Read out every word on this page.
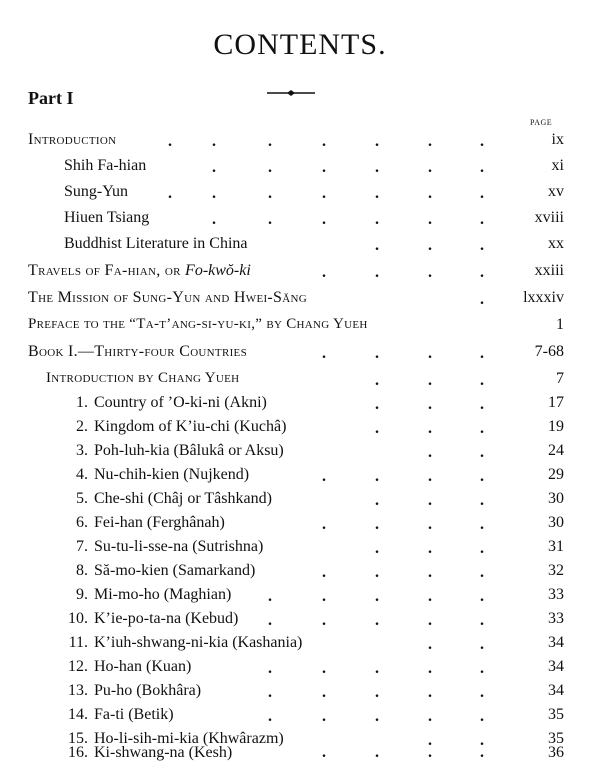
CONTENTS.
Part I
PAGE
Introduction	.	.	.	.	.	.	.	ix
Shih Fa-hian	.	.	.	.	.	.	xi
Sung-Yun .	.	.	.	.	.	.	xv
Hiuen Tsiang	.	.	.	.	.	.	xviii
Buddhist Literature in China	.	.	.	xx
Travels of Fa-hian, or Fo-kwŏ-ki	.	.	.	.	xxiii
The Mission of Sung-Yun and Hwei-Săng	. lxxxiv
Preface to the “Ta-t’ang-si-yu-ki,” by Chang Yueh	1
Book I.—Thirty-four Countries	.	.	.	.	7-68
Introduction by Chang Yueh	.	.	.	7
1. Country of ’O-ki-ni (Akni)	.	.	.	17
2. Kingdom of K’iu-chi (Kuchâ)	.	.	.	19
3. Poh-luh-kia (Bâlukâ or Aksu)	.	.	24
4. Nu-chih-kien (Nujkend)	.	.	.	.	29
5. Che-shi (Châj or Tâshkand)	.	.	.	30
6. Fei-han (Ferghânah)	.	.	.	.	30
7. Su-tu-li-sse-na (Sutrishna)	.	.	.	31
8. Să-mo-kien (Samarkand)	.	.	.	.	32
9. Mi-mo-ho (Maghian) .	.	.	.	.	33
10. K’ie-po-ta-na (Kebud) .	.	.	.	.	33
11. K’iuh-shwang-ni-kia (Kashania)	.	.	34
12. Ho-han (Kuan)	.	.	.	.	.	34
13. Pu-ho (Bokhâra)	.	.	.	.	.	34
14. Fa-ti (Betik)	.	.	.	.	.	35
15. Ho-li-sih-mi-kia (Khwârazm)	.	.	35
16. Ki-shwang-na (Kesh)	.	.	.	.	36
